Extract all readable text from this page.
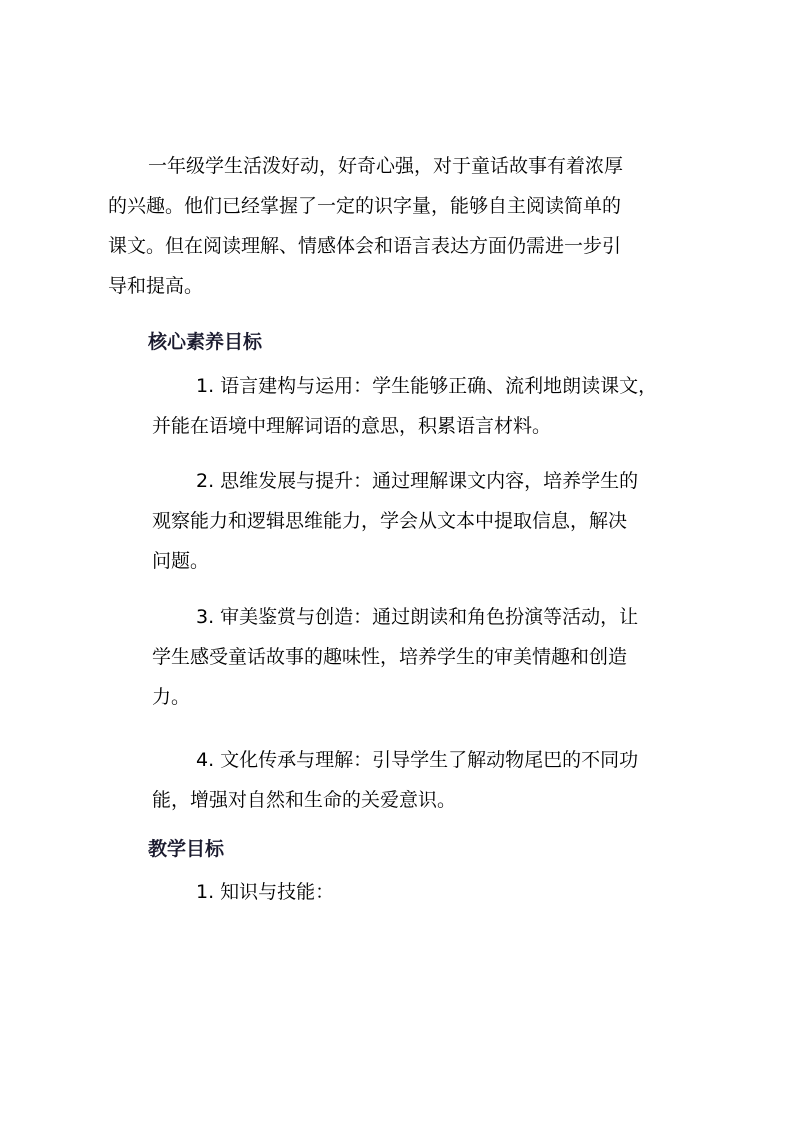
一年级学生活泼好动，好奇心强，对于童话故事有着浓厚
的兴趣。他们已经掌握了一定的识字量，能够自主阅读简单的
课文。但在阅读理解、情感体会和语言表达方面仍需进一步引
导和提高。
核心素养目标
1. 语言建构与运用：学生能够正确、流利地朗读课文，
并能在语境中理解词语的意思，积累语言材料。
2. 思维发展与提升：通过理解课文内容，培养学生的
观察能力和逻辑思维能力，学会从文本中提取信息，解决
问题。
3. 审美鉴赏与创造：通过朗读和角色扮演等活动，让
学生感受童话故事的趣味性，培养学生的审美情趣和创造
力。
4. 文化传承与理解：引导学生了解动物尾巴的不同功
能，增强对自然和生命的关爱意识。
教学目标
1. 知识与技能：
